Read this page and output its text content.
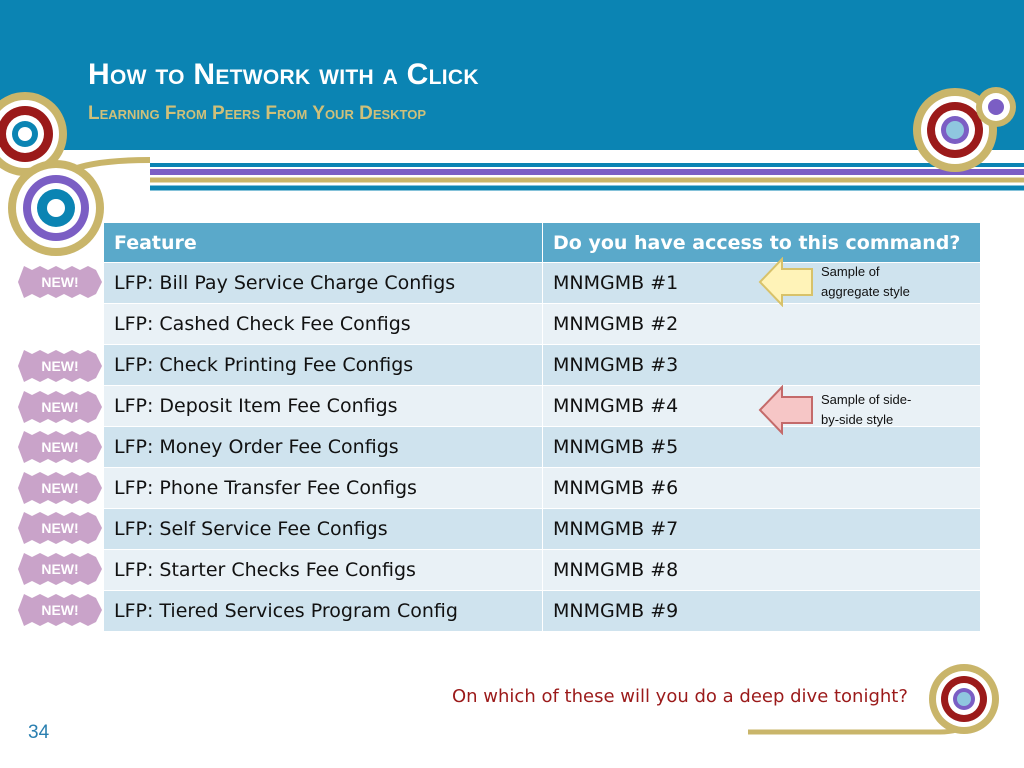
How to Network with a Click
Learning From Peers From Your Desktop
Feature	Do you have access to this command?
LFP: Bill Pay Service Charge Configs	MNMGMB #1
LFP: Cashed Check Fee Configs	MNMGMB #2
LFP: Check Printing Fee Configs	MNMGMB #3
LFP: Deposit Item Fee Configs	MNMGMB #4
LFP: Money Order Fee Configs	MNMGMB #5
LFP: Phone Transfer Fee Configs	MNMGMB #6
LFP: Self Service Fee Configs	MNMGMB #7
LFP: Starter Checks Fee Configs	MNMGMB #8
LFP: Tiered Services Program Config	MNMGMB #9
NEW!
NEW!
NEW!
NEW!
NEW!
NEW!
NEW!
NEW!
Sample of
aggregate style
Sample of side-
by-side style
On which of these will you do a deep dive tonight?
34
